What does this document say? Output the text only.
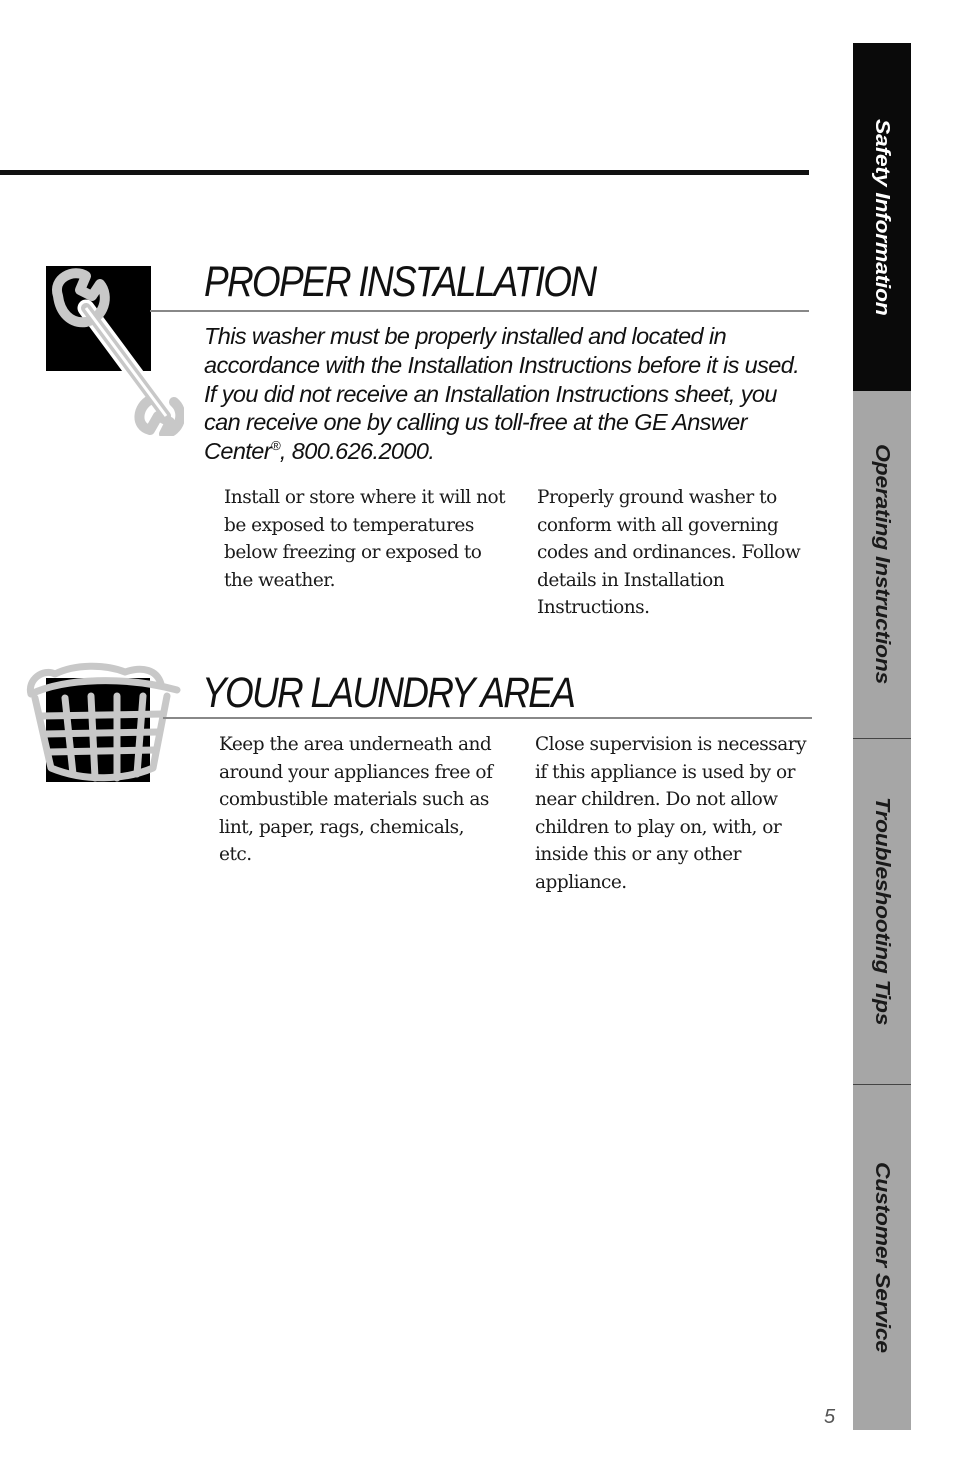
Safety Information
Operating Instructions
Troubleshooting Tips
Customer Service
PROPER INSTALLATION

This washer must be properly installed and located in accordance with the Installation Instructions before it is used. If you did not receive an Installation Instructions sheet, you can receive one by calling us toll-free at the GE Answer Center®, 800.626.2000.

Install or store where it will not be exposed to temperatures below freezing or exposed to the weather.

Properly ground washer to conform with all governing codes and ordinances. Follow details in Installation Instructions.

YOUR LAUNDRY AREA

Keep the area underneath and around your appliances free of combustible materials such as lint, paper, rags, chemicals, etc.

Close supervision is necessary if this appliance is used by or near children. Do not allow children to play on, with, or inside this or any other appliance.

5
